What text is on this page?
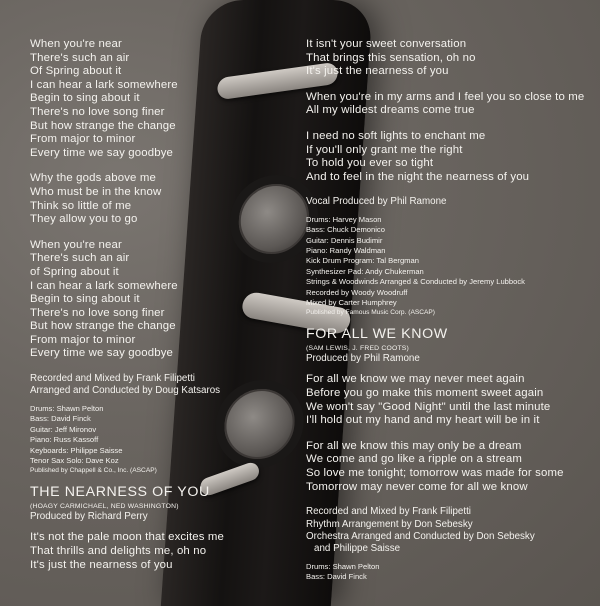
When you're near
There's such an air
Of Spring about it
I can hear a lark somewhere
Begin to sing about it
There's no love song finer
But how strange the change
From major to minor
Every time we say goodbye
Why the gods above me
Who must be in the know
Think so little of me
They allow you to go
When you're near
There's such an air
of Spring about it
I can hear a lark somewhere
Begin to sing about it
There's no love song finer
But how strange the change
From major to minor
Every time we say goodbye
Recorded and Mixed by Frank Filipetti
Arranged and Conducted by Doug Katsaros
Drums: Shawn Pelton
Bass: David Finck
Guitar: Jeff Mironov
Piano: Russ Kassoff
Keyboards: Philippe Saisse
Tenor Sax Solo: Dave Koz
Published by Chappell & Co., Inc. (ASCAP)
THE NEARNESS OF YOU
(HOAGY CARMICHAEL, NED WASHINGTON)
Produced by Richard Perry
It's not the pale moon that excites me
That thrills and delights me, oh no
It's just the nearness of you
It isn't your sweet conversation
That brings this sensation, oh no
It's just the nearness of you
When you're in my arms and I feel you so close to me
All my wildest dreams come true
I need no soft lights to enchant me
If you'll only grant me the right
To hold you ever so tight
And to feel in the night the nearness of you
Vocal Produced by Phil Ramone
Drums: Harvey Mason
Bass: Chuck Demonico
Guitar: Dennis Budimir
Piano: Randy Waldman
Kick Drum Program: Tal Bergman
Synthesizer Pad: Andy Chukerman
Strings & Woodwinds Arranged & Conducted by Jeremy Lubbock
Recorded by Woody Woodruff
Mixed by Carter Humphrey
Published by Famous Music Corp. (ASCAP)
FOR ALL WE KNOW
(SAM LEWIS, J. FRED COOTS)
Produced by Phil Ramone
For all we know we may never meet again
Before you go make this moment sweet again
We won't say "Good Night" until the last minute
I'll hold out my hand and my heart will be in it
For all we know this may only be a dream
We come and go like a ripple on a stream
So love me tonight; tomorrow was made for some
Tomorrow may never come for all we know
Recorded and Mixed by Frank Filipetti
Rhythm Arrangement by Don Sebesky
Orchestra Arranged and Conducted by Don Sebesky
and Philippe Saisse
Drums: Shawn Pelton
Bass: David Finck
